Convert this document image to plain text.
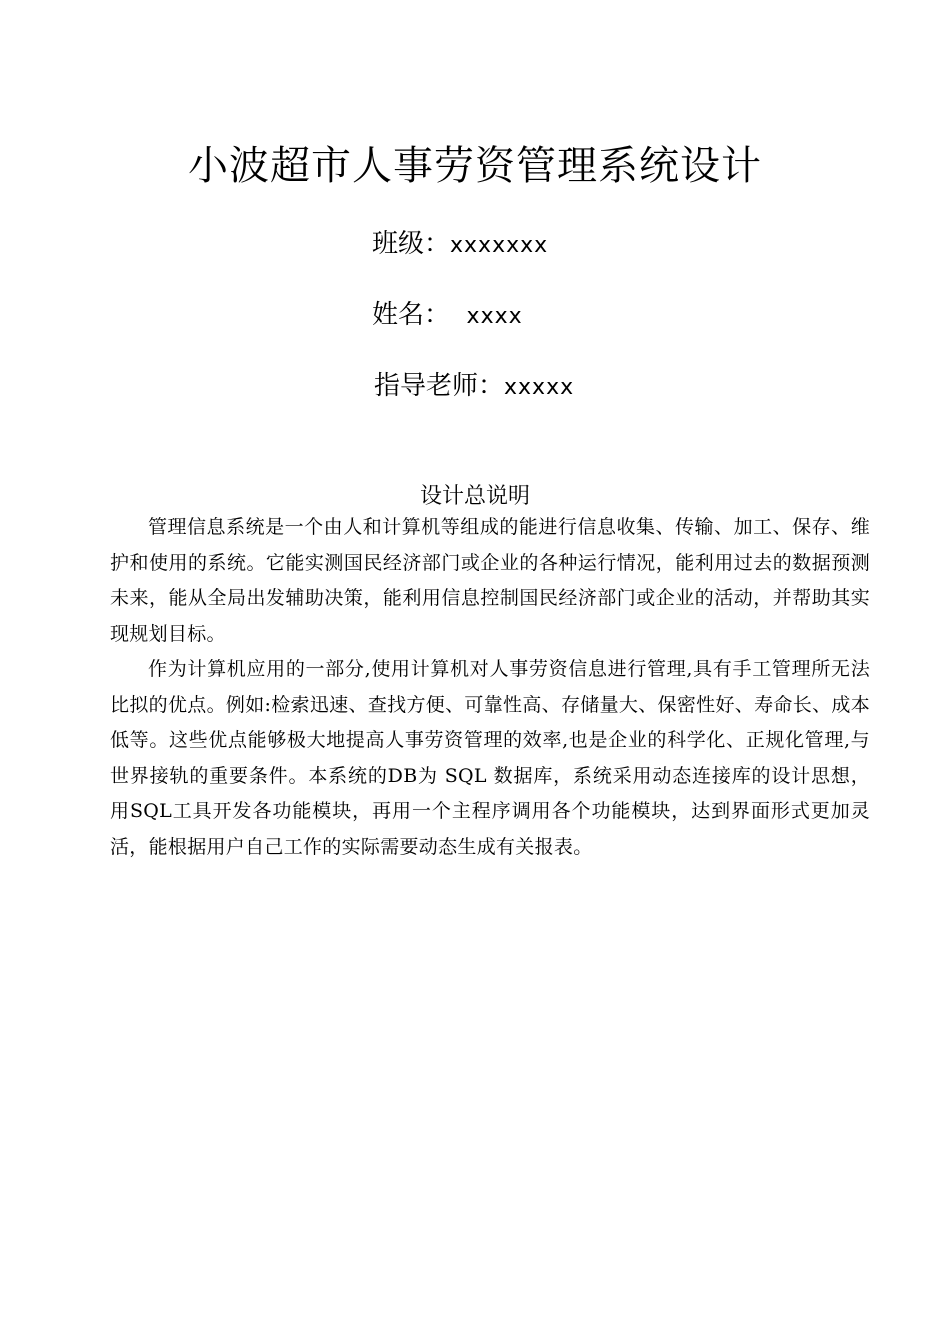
小波超市人事劳资管理系统设计
班级：xxxxxxx
姓名： xxxx
指导老师：xxxxx
设计总说明

管理信息系统是一个由人和计算机等组成的能进行信息收集、传输、加工、保存、维护和使用的系统。它能实测国民经济部门或企业的各种运行情况，能利用过去的数据预测未来，能从全局出发辅助决策，能利用信息控制国民经济部门或企业的活动，并帮助其实现规划目标。

作为计算机应用的一部分,使用计算机对人事劳资信息进行管理,具有手工管理所无法比拟的优点。例如:检索迅速、查找方便、可靠性高、存储量大、保密性好、寿命长、成本低等。这些优点能够极大地提高人事劳资管理的效率,也是企业的科学化、正规化管理,与世界接轨的重要条件。本系统的DB为 SQL 数据库，系统采用动态连接库的设计思想，用SQL工具开发各功能模块，再用一个主程序调用各个功能模块，达到界面形式更加灵活，能根据用户自己工作的实际需要动态生成有关报表。
